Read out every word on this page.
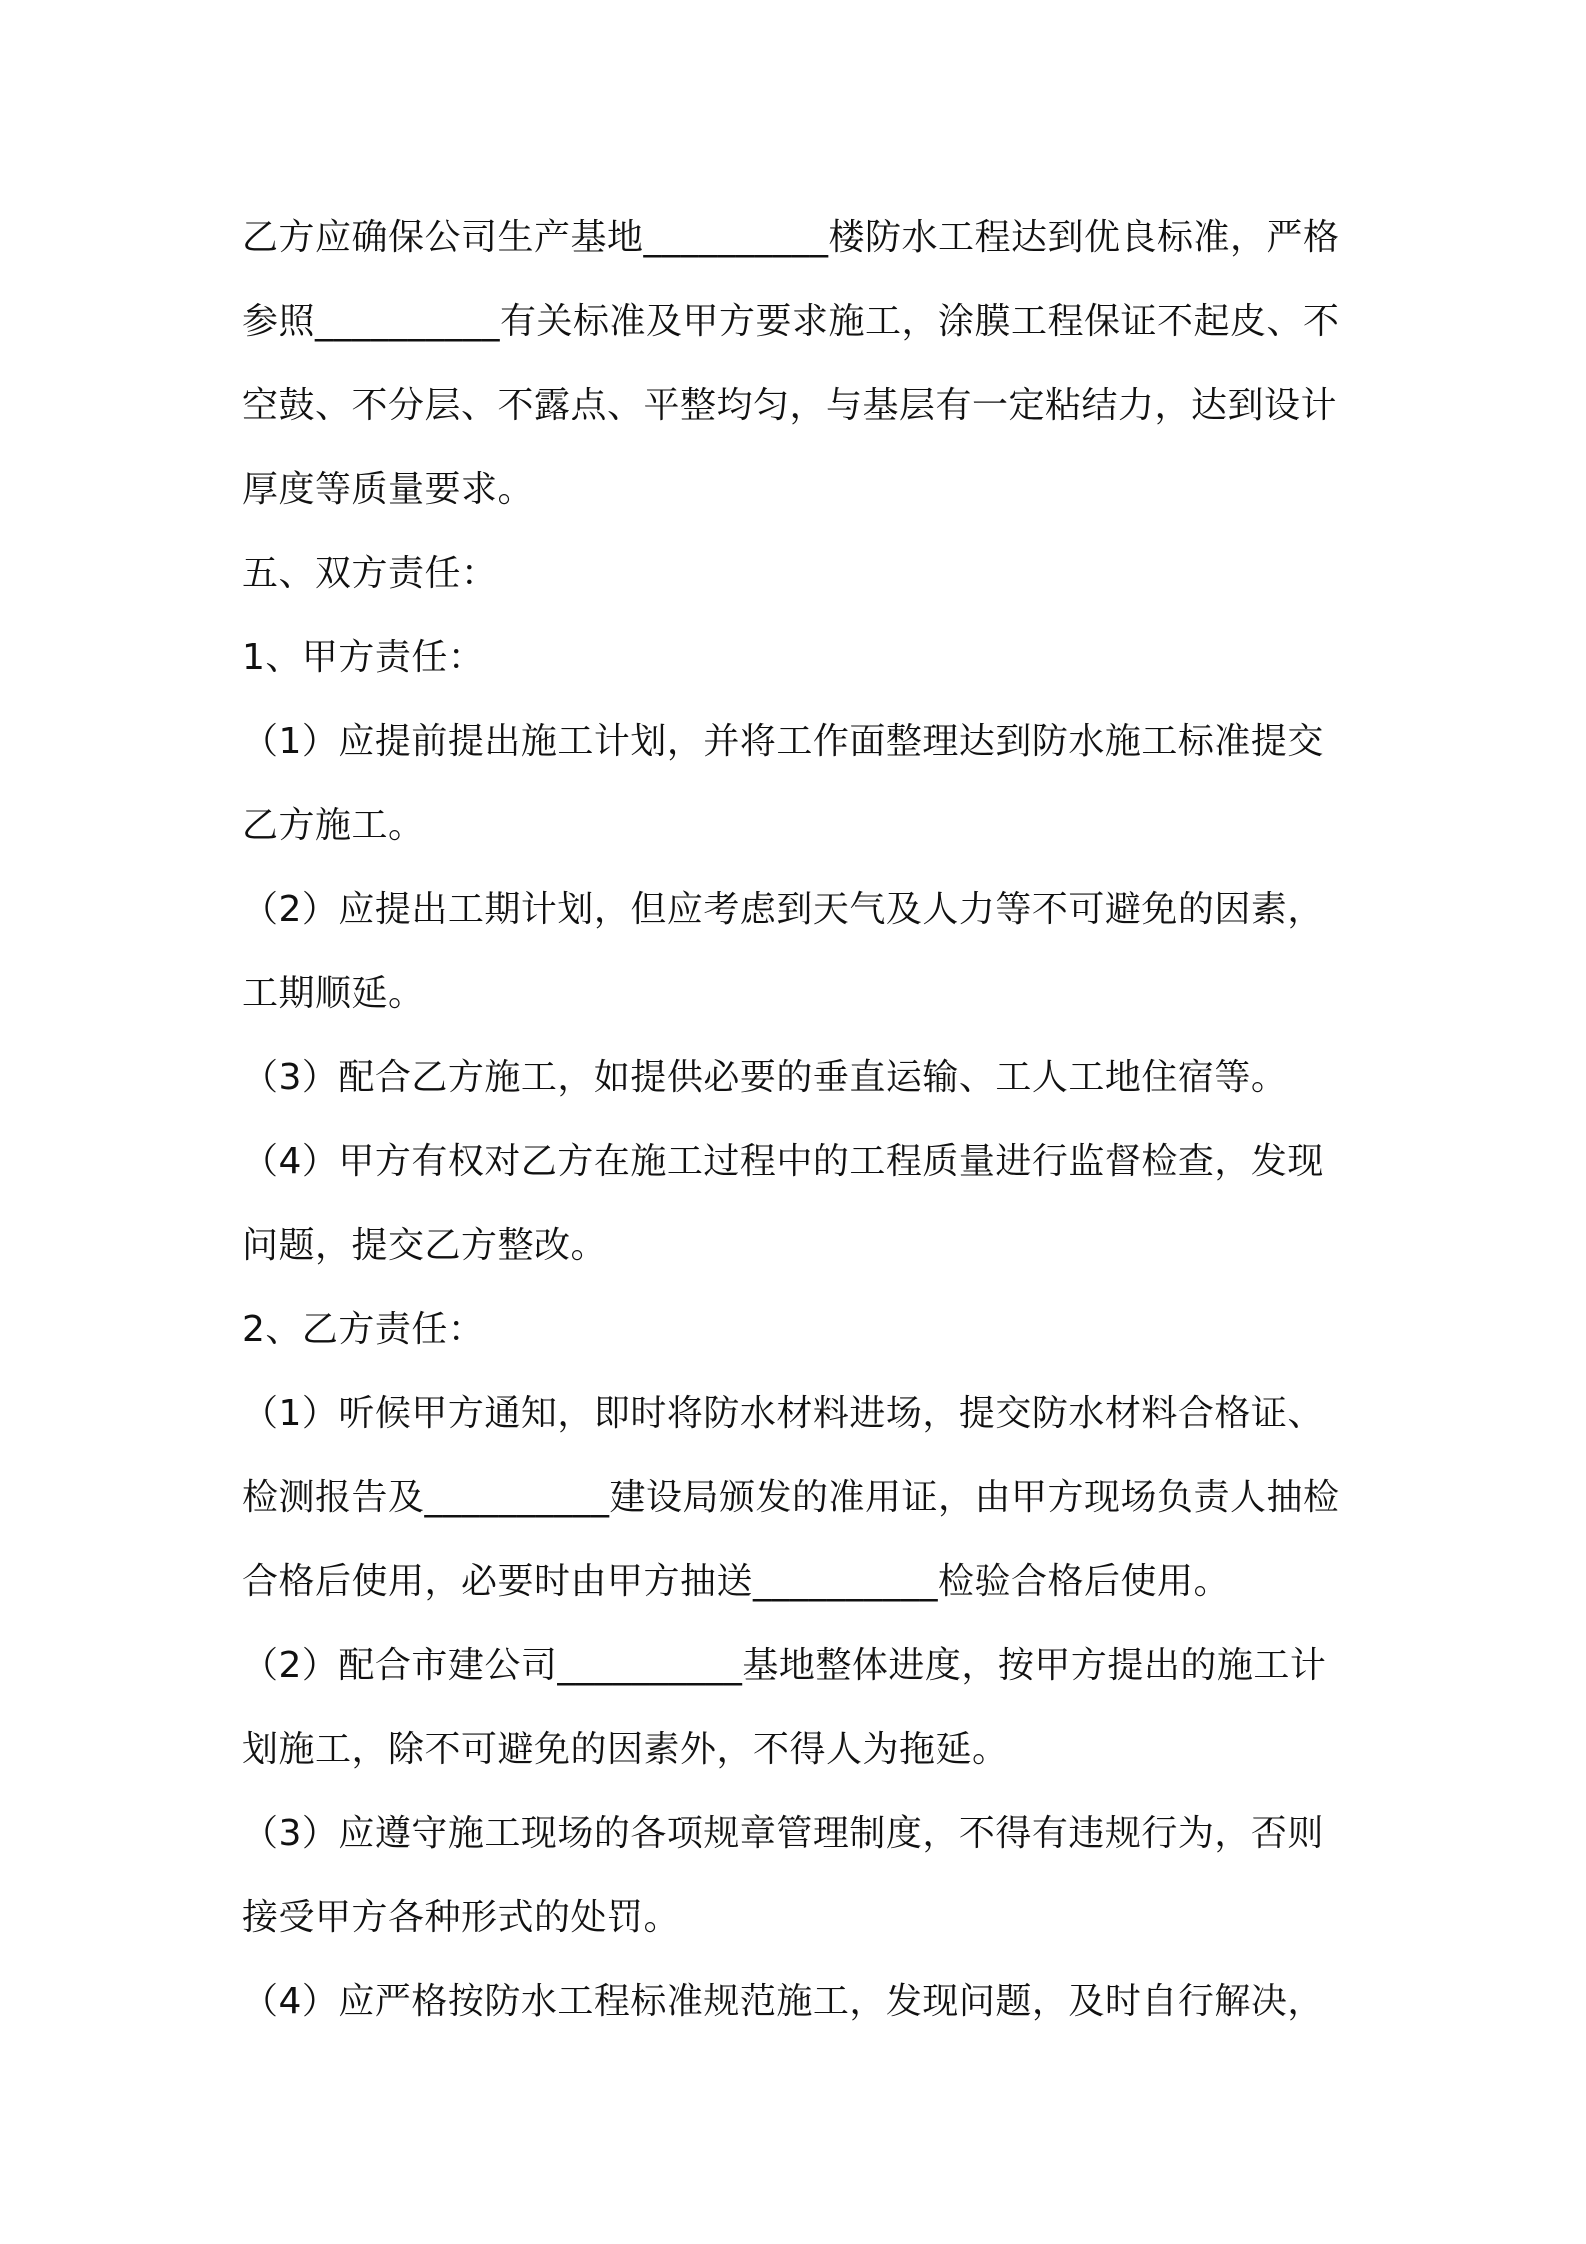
乙方应确保公司生产基地__________楼防水工程达到优良标准，严格
参照__________有关标准及甲方要求施工，涂膜工程保证不起皮、不
空鼓、不分层、不露点、平整均匀，与基层有一定粘结力，达到设计
厚度等质量要求。
五、双方责任：
1、甲方责任：
（1）应提前提出施工计划，并将工作面整理达到防水施工标准提交
乙方施工。
（2）应提出工期计划，但应考虑到天气及人力等不可避免的因素，
工期顺延。
（3）配合乙方施工，如提供必要的垂直运输、工人工地住宿等。
（4）甲方有权对乙方在施工过程中的工程质量进行监督检查，发现
问题，提交乙方整改。
2、乙方责任：
（1）听候甲方通知，即时将防水材料进场，提交防水材料合格证、
检测报告及__________建设局颁发的准用证，由甲方现场负责人抽检
合格后使用，必要时由甲方抽送__________检验合格后使用。
（2）配合市建公司__________基地整体进度，按甲方提出的施工计
划施工，除不可避免的因素外，不得人为拖延。
（3）应遵守施工现场的各项规章管理制度，不得有违规行为，否则
接受甲方各种形式的处罚。
（4）应严格按防水工程标准规范施工，发现问题，及时自行解决，
